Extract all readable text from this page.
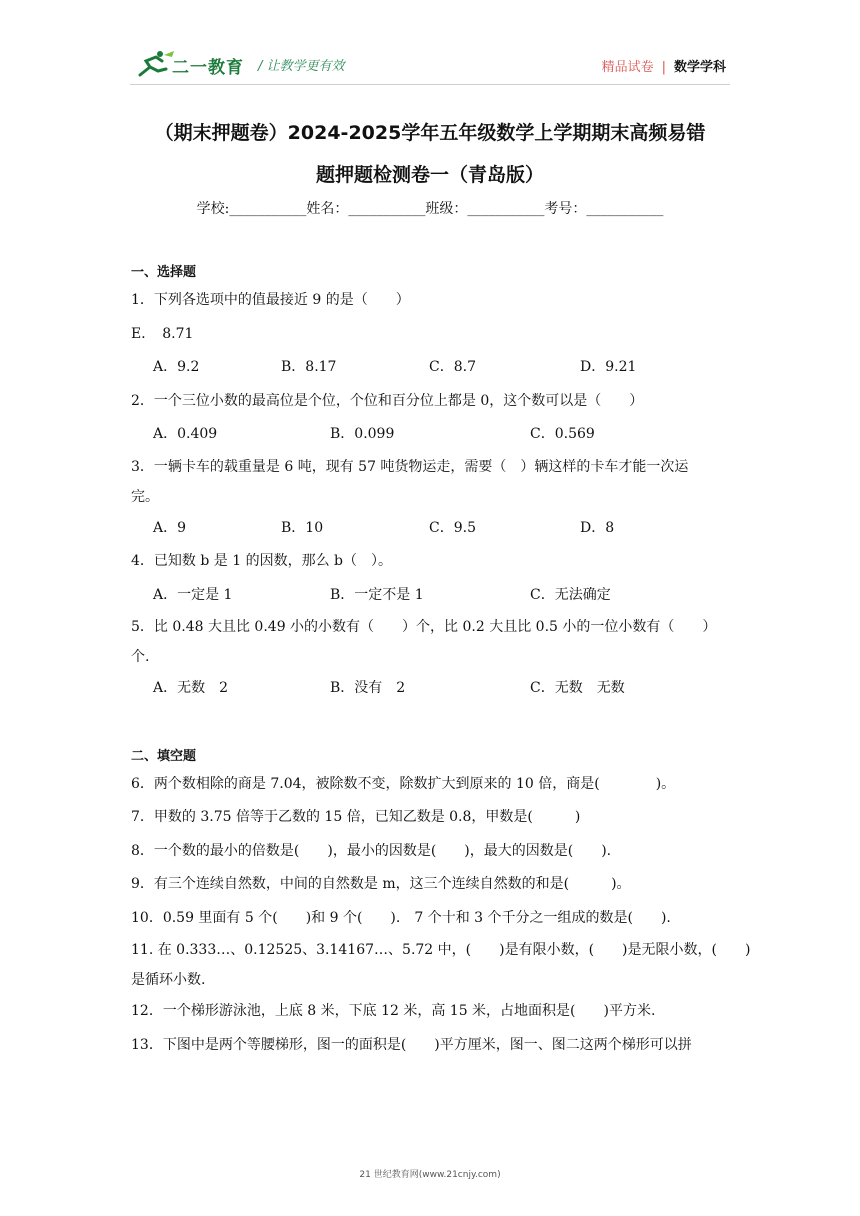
二一教育 / 让教学更有效	精品试卷 | 数学学科
（期末押题卷）2024-2025学年五年级数学上学期期末高频易错
题押题检测卷一（青岛版）
学校:___________姓名：___________班级：___________考号：___________
一、选择题
1．下列各选项中的值最接近 9 的是（　　）
E．　8.71
A．9.2	B．8.17	C．8.7	D．9.21
2．一个三位小数的最高位是个位，个位和百分位上都是 0，这个数可以是（　　）
A．0.409	B．0.099	C．0.569
3．一辆卡车的载重量是 6 吨，现有 57 吨货物运走，需要（　）辆这样的卡车才能一次运
完。
A．9	B．10	C．9.5	D．8
4．已知数 b 是 1 的因数，那么 b（　）。
A．一定是 1	B．一定不是 1	C．无法确定
5．比 0.48 大且比 0.49 小的小数有（　　）个，比 0.2 大且比 0.5 小的一位小数有（　　）
个.
A．无数　2	B．没有　2	C．无数　无数
二、填空题
6．两个数相除的商是 7.04，被除数不变，除数扩大到原来的 10 倍，商是(　　　　)。
7．甲数的 3.75 倍等于乙数的 15 倍，已知乙数是 0.8，甲数是(　　　)
8．一个数的最小的倍数是(　　)，最小的因数是(　　)，最大的因数是(　　).
9．有三个连续自然数，中间的自然数是 m，这三个连续自然数的和是(　　　)。
10．0.59 里面有 5 个(　　)和 9 个(　　).　7 个十和 3 个千分之一组成的数是(　　).
11. 在 0.333…、0.12525、3.14167…、5.72 中，(　　)是有限小数，(　　)是无限小数，(　　)
是循环小数.
12．一个梯形游泳池，上底 8 米，下底 12 米，高 15 米，占地面积是(　　)平方米.
13．下图中是两个等腰梯形，图一的面积是(　　)平方厘米，图一、图二这两个梯形可以拼
21 世纪教育网(www.21cnjy.com)
